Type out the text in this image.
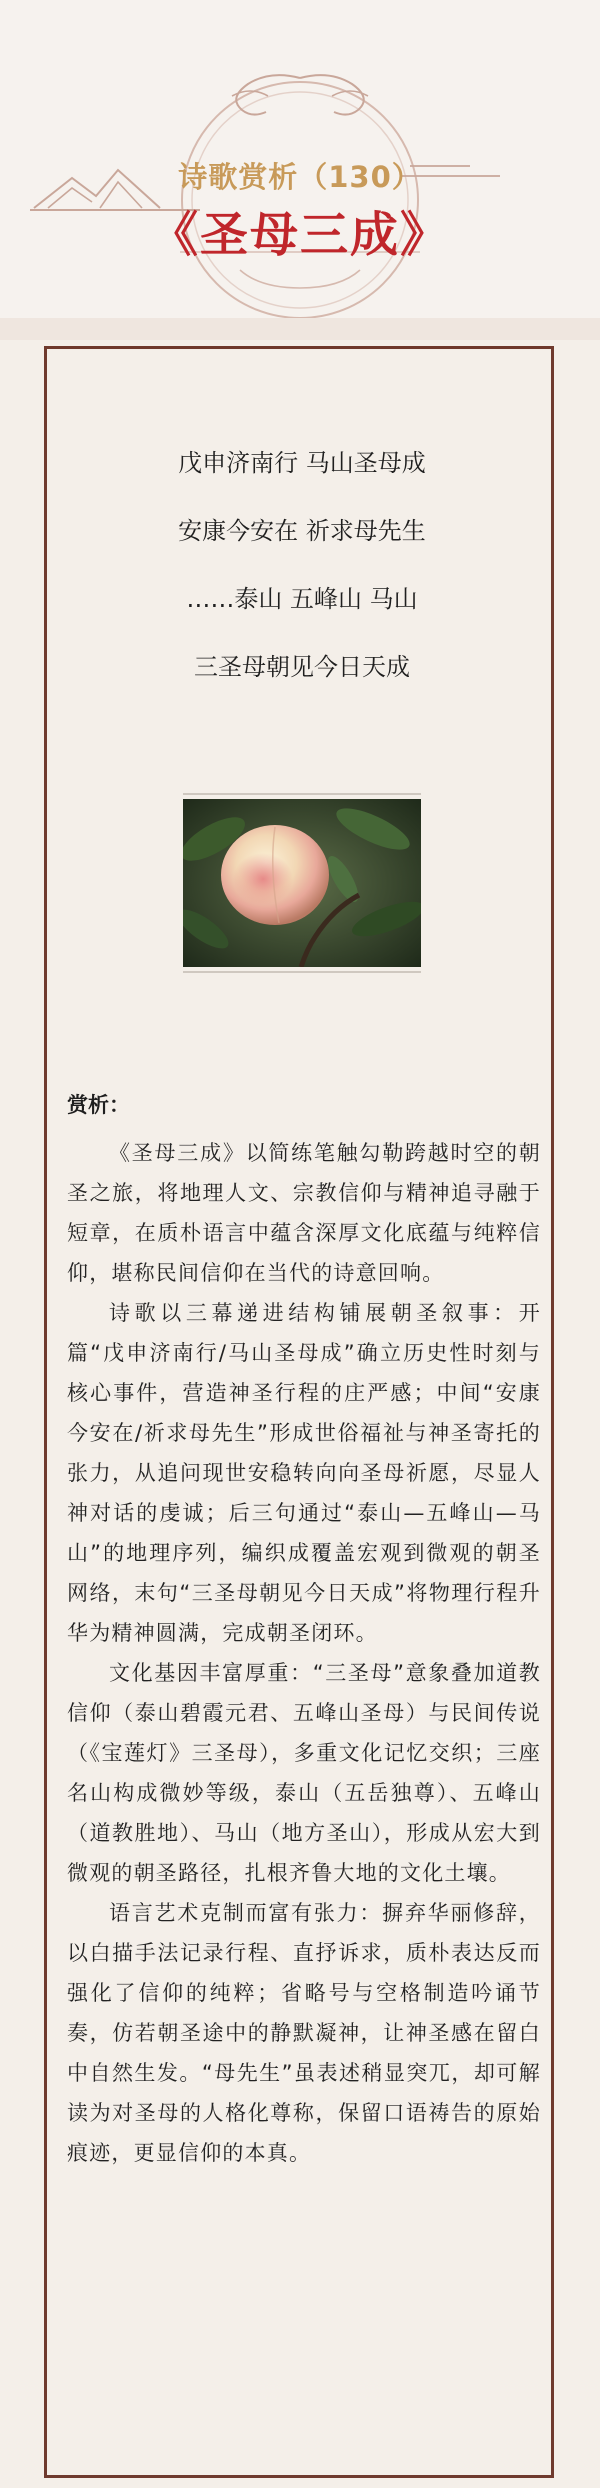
诗歌赏析（130）
《圣母三成》
戊申济南行 马山圣母成
安康今安在 祈求母先生
……泰山 五峰山 马山
三圣母朝见今日天成
赏析：

《圣母三成》以简练笔触勾勒跨越时空的朝圣之旅，将地理人文、宗教信仰与精神追寻融于短章，在质朴语言中蕴含深厚文化底蕴与纯粹信仰，堪称民间信仰在当代的诗意回响。

诗歌以三幕递进结构铺展朝圣叙事：开篇“戊申济南行/马山圣母成”确立历史性时刻与核心事件，营造神圣行程的庄严感；中间“安康今安在/祈求母先生”形成世俗福祉与神圣寄托的张力，从追问现世安稳转向向圣母祈愿，尽显人神对话的虔诚；后三句通过“泰山—五峰山—马山”的地理序列，编织成覆盖宏观到微观的朝圣网络，末句“三圣母朝见今日天成”将物理行程升华为精神圆满，完成朝圣闭环。

文化基因丰富厚重：“三圣母”意象叠加道教信仰（泰山碧霞元君、五峰山圣母）与民间传说（《宝莲灯》三圣母），多重文化记忆交织；三座名山构成微妙等级，泰山（五岳独尊）、五峰山（道教胜地）、马山（地方圣山），形成从宏大到微观的朝圣路径，扎根齐鲁大地的文化土壤。

语言艺术克制而富有张力：摒弃华丽修辞，以白描手法记录行程、直抒诉求，质朴表达反而强化了信仰的纯粹；省略号与空格制造吟诵节奏，仿若朝圣途中的静默凝神，让神圣感在留白中自然生发。“母先生”虽表述稍显突兀，却可解读为对圣母的人格化尊称，保留口语祷告的原始痕迹，更显信仰的本真。
